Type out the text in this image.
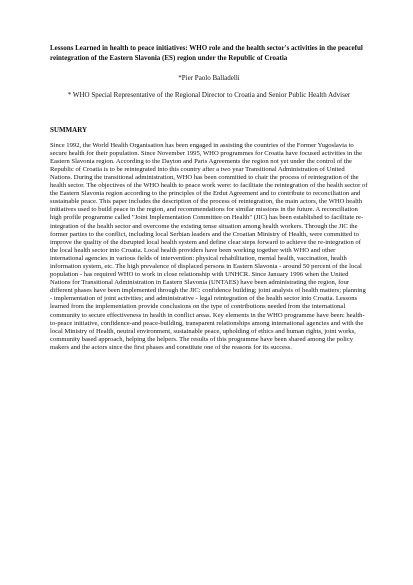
Lessons Learned in health to peace initiatives: WHO role and the health sector's activities in the peaceful reintegration of the Eastern Slavonia (ES) region under the Republic of Croatia

*Pier Paolo Balladelli

* WHO Special Representative of the Regional Director to Croatia and Senior Public Health Adviser

SUMMARY

Since 1992, the World Health Organisation has been engaged in assisting the countries of the Former Yugoslavia to secure health for their population. Since November 1995, WHO programmes for Croatia have focused activities in the Eastern Slavonia region. According to the Dayton and Paris Agreements the region not yet under the control of the Republic of Croatia is to be reintegrated into this country after a two year Transitional Administration of United Nations. During the transitional administration, WHO has been committed to chair the process of reintegration of the health sector. The objectives of the WHO health to peace work were: to facilitate the reintegration of the health sector of the Eastern Slavonia region according to the principles of the Erdut Agreement and to contribute to reconciliation and sustainable peace. This paper includes the description of the process of reintegration, the main actors, the WHO health initiatives used to build peace in the region, and recommendations for similar missions in the future. A reconciliation high profile programme called "Joint Implementation Committee on Health" (JIC) has been established to facilitate re-integration of the health sector and overcome the existing tense situation among health workers. Through the JIC the former parties to the conflict, including local Serbian leaders and the Croatian Ministry of Health, were committed to improve the quality of the disrupted local health system and define clear steps forward to achieve the re-integration of the local health sector into Croatia. Local health providers have been working together with WHO and other international agencies in various fields of intervention: physical rehabilitation, mental health, vaccination, health information system, etc. The high prevalence of displaced persons in Eastern Slavonia - around 50 percent of the local population - has required WHO to work in close relationship with UNHCR. Since January 1996 when the United Nations for Transitional Administration in Eastern Slavonia (UNTAES) have been administrating the region, four different phases have been implemented through the JIC: confidence building; joint analysis of health matters; planning - implementation of joint activities; and administrative - legal reintegration of the health sector into Croatia. Lessons learned from the implementation provide conclusions on the type of contributions needed from the international community to secure effectiveness in health in conflict areas. Key elements in the WHO programme have been: health-to-peace initiative, confidence-and peace-building, transparent relationships among international agencies and with the local Ministry of Health, neutral environment, sustainable peace, upholding of ethics and human rights, joint works, community based approach, helping the helpers. The results of this programme have been shared among the policy makers and the actors since the first phases and constitute one of the reasons for its success.
